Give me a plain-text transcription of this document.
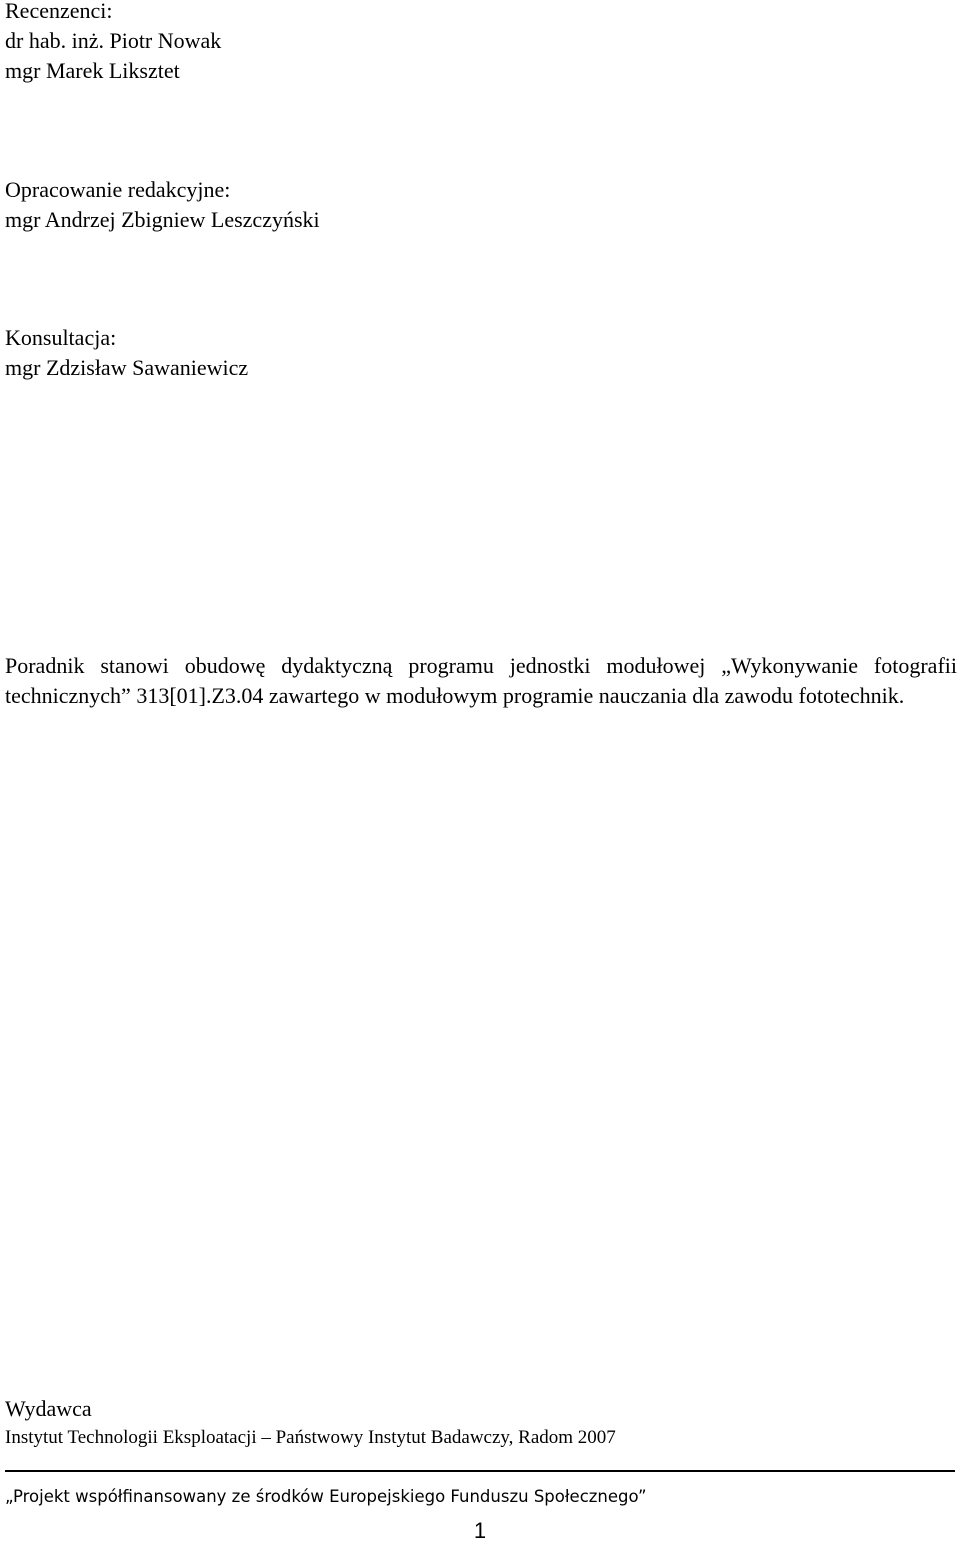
Recenzenci:
dr hab. inż. Piotr Nowak
mgr Marek Liksztet
Opracowanie redakcyjne:
mgr Andrzej Zbigniew Leszczyński
Konsultacja:
mgr Zdzisław Sawaniewicz
Poradnik stanowi obudowę dydaktyczną programu jednostki modułowej „Wykonywanie fotografii technicznych” 313[01].Z3.04 zawartego w modułowym programie nauczania dla zawodu fototechnik.
Wydawca
Instytut Technologii Eksploatacji – Państwowy Instytut Badawczy, Radom 2007
„Projekt współfinansowany ze środków Europejskiego Funduszu Społecznego”
1
